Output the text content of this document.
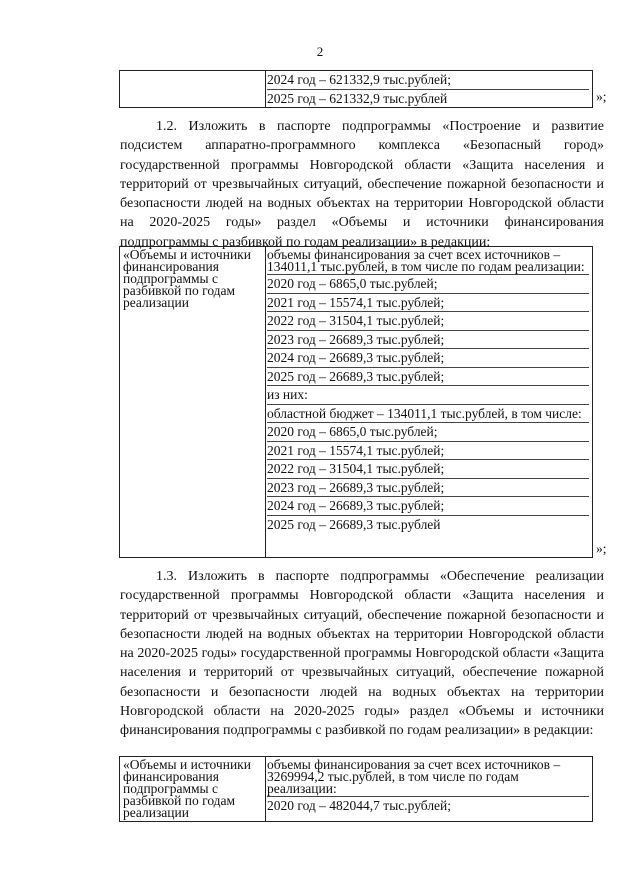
2
2024 год – 621332,9 тыс.рублей;
2025 год – 621332,9 тыс.рублей	»;

1.2. Изложить в паспорте подпрограммы «Построение и развитие подсистем аппаратно-программного комплекса «Безопасный город» государственной программы Новгородской области «Защита населения и территорий от чрезвычайных ситуаций, обеспечение пожарной безопасности и безопасности людей на водных объектах на территории Новгородской области на 2020-2025 годы» раздел «Объемы и источники финансирования подпрограммы с разбивкой по годам реализации» в редакции:

«Объемы и источники финансирования подпрограммы с разбивкой по годам реализации
объемы финансирования за счет всех источников – 134011,1 тыс.рублей, в том числе по годам реализации:
2020 год – 6865,0 тыс.рублей;
2021 год – 15574,1 тыс.рублей;
2022 год – 31504,1 тыс.рублей;
2023 год – 26689,3 тыс.рублей;
2024 год – 26689,3 тыс.рублей;
2025 год – 26689,3 тыс.рублей;
из них:
областной бюджет – 134011,1 тыс.рублей, в том числе:
2020 год – 6865,0 тыс.рублей;
2021 год – 15574,1 тыс.рублей;
2022 год – 31504,1 тыс.рублей;
2023 год – 26689,3 тыс.рублей;
2024 год – 26689,3 тыс.рублей;
2025 год – 26689,3 тыс.рублей
»;

1.3. Изложить в паспорте подпрограммы «Обеспечение реализации государственной программы Новгородской области «Защита населения и территорий от чрезвычайных ситуаций, обеспечение пожарной безопасности и безопасности людей на водных объектах на территории Новгородской области на 2020-2025 годы» государственной программы Новгородской области «Защита населения и территорий от чрезвычайных ситуаций, обеспечение пожарной безопасности и безопасности людей на водных объектах на территории Новгородской области на 2020-2025 годы» раздел «Объемы и источники финансирования подпрограммы с разбивкой по годам реализации» в редакции:

«Объемы и источники финансирования подпрограммы с разбивкой по годам реализации
объемы финансирования за счет всех источников – 3269994,2 тыс.рублей, в том числе по годам реализации:
2020 год – 482044,7 тыс.рублей;
